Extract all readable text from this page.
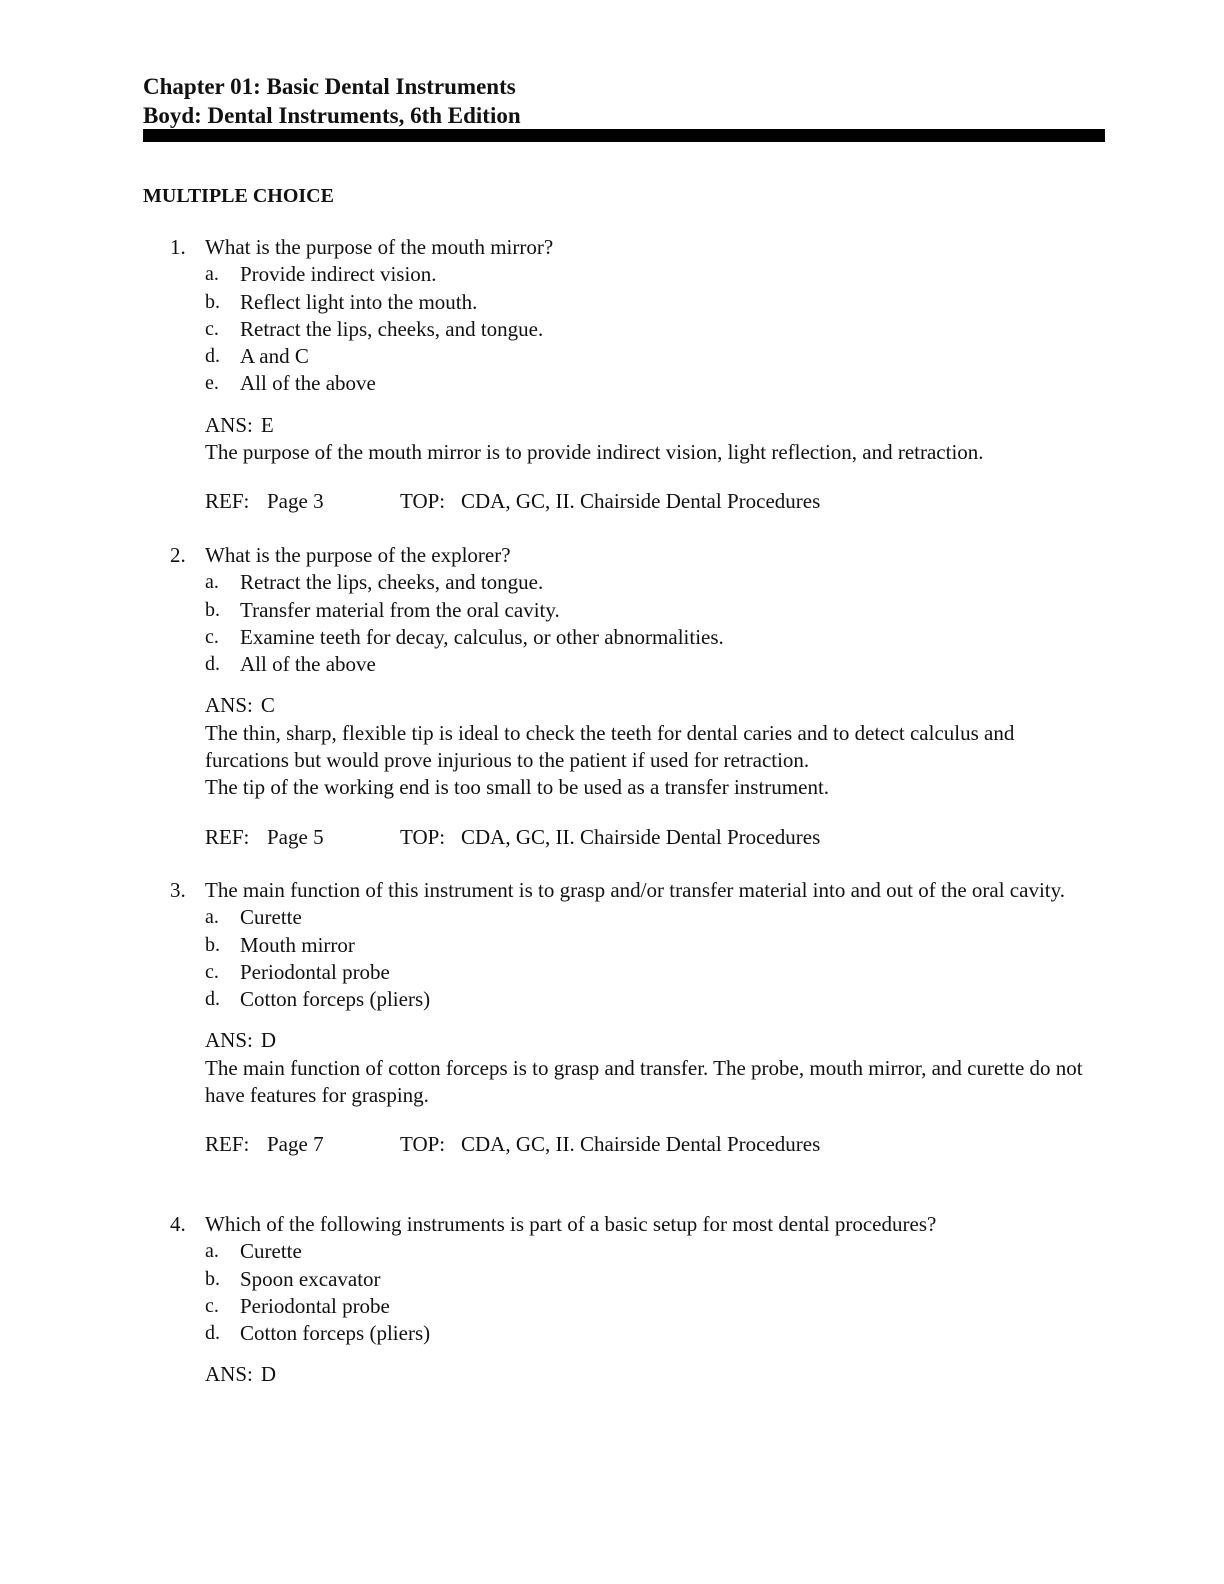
Chapter 01: Basic Dental Instruments
Boyd: Dental Instruments, 6th Edition
MULTIPLE CHOICE
1. What is the purpose of the mouth mirror?
a. Provide indirect vision.
b. Reflect light into the mouth.
c. Retract the lips, cheeks, and tongue.
d. A and C
e. All of the above
ANS: E
The purpose of the mouth mirror is to provide indirect vision, light reflection, and retraction.
REF: Page 3	TOP: CDA, GC, II. Chairside Dental Procedures
2. What is the purpose of the explorer?
a. Retract the lips, cheeks, and tongue.
b. Transfer material from the oral cavity.
c. Examine teeth for decay, calculus, or other abnormalities.
d. All of the above
ANS: C
The thin, sharp, flexible tip is ideal to check the teeth for dental caries and to detect calculus and furcations but would prove injurious to the patient if used for retraction.
The tip of the working end is too small to be used as a transfer instrument.
REF: Page 5	TOP: CDA, GC, II. Chairside Dental Procedures
3. The main function of this instrument is to grasp and/or transfer material into and out of the oral cavity.
a. Curette
b. Mouth mirror
c. Periodontal probe
d. Cotton forceps (pliers)
ANS: D
The main function of cotton forceps is to grasp and transfer. The probe, mouth mirror, and curette do not have features for grasping.
REF: Page 7	TOP: CDA, GC, II. Chairside Dental Procedures
4. Which of the following instruments is part of a basic setup for most dental procedures?
a. Curette
b. Spoon excavator
c. Periodontal probe
d. Cotton forceps (pliers)
ANS: D
